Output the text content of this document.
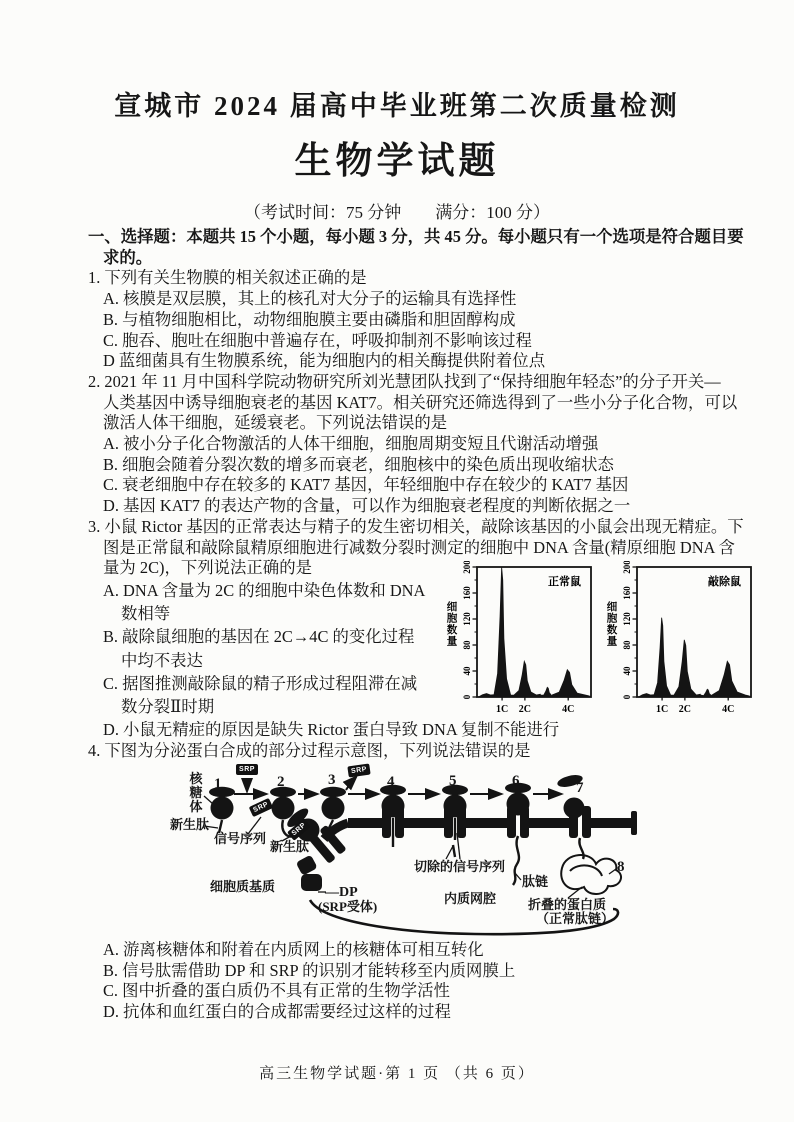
宣城市 2024 届高中毕业班第二次质量检测
生物学试题
（考试时间：75 分钟　　满分：100 分）
一、选择题：本题共 15 个小题，每小题 3 分，共 45 分。每小题只有一个选项是符合题目要
求的。
1. 下列有关生物膜的相关叙述正确的是
A. 核膜是双层膜，其上的核孔对大分子的运输具有选择性
B. 与植物细胞相比，动物细胞膜主要由磷脂和胆固醇构成
C. 胞吞、胞吐在细胞中普遍存在，呼吸抑制剂不影响该过程
D 蓝细菌具有生物膜系统，能为细胞内的相关酶提供附着位点
2. 2021 年 11 月中国科学院动物研究所刘光慧团队找到了“保持细胞年轻态”的分子开关—
人类基因中诱导细胞衰老的基因 KAT7。相关研究还筛选得到了一些小分子化合物，可以
激活人体干细胞，延缓衰老。下列说法错误的是
A. 被小分子化合物激活的人体干细胞，细胞周期变短且代谢活动增强
B. 细胞会随着分裂次数的增多而衰老，细胞核中的染色质出现收缩状态
C. 衰老细胞中存在较多的 KAT7 基因，年轻细胞中存在较少的 KAT7 基因
D. 基因 KAT7 的表达产物的含量，可以作为细胞衰老程度的判断依据之一
3. 小鼠 Rictor 基因的正常表达与精子的发生密切相关，敲除该基因的小鼠会出现无精症。下
图是正常鼠和敲除鼠精原细胞进行减数分裂时测定的细胞中 DNA 含量(精原细胞 DNA 含
量为 2C)，下列说法正确的是
A. DNA 含量为 2C 的细胞中染色体数和 DNA
数相等
B. 敲除鼠细胞的基因在 2C→4C 的变化过程
中均不表达
C. 据图推测敲除鼠的精子形成过程阻滞在减
数分裂Ⅱ时期
D. 小鼠无精症的原因是缺失 Rictor 蛋白导致 DNA 复制不能进行
4. 下图为分泌蛋白合成的部分过程示意图，下列说法错误的是
A. 游离核糖体和附着在内质网上的核糖体可相互转化
B. 信号肽需借助 DP 和 SRP 的识别才能转移至内质网膜上
C. 图中折叠的蛋白质仍不具有正常的生物学活性
D. 抗体和血红蛋白的合成都需要经过这样的过程
0
40
80
120
160
200
细胞数量
正常鼠
1C 2C	4C
0
40
80
120
160
200
细胞数量
敲除鼠
1C 2C	4C
核糖体
1	2	3	4	5	6	7
SRP
SRP
SRP
SRP
新生肽
信号序列
新生肽
细胞质基质	—DP
(SRP受体)
切除的信号序列
内质网腔
肽链
8
折叠的蛋白质
（正常肽链）
高三生物学试题·第 1 页 （共 6 页）
